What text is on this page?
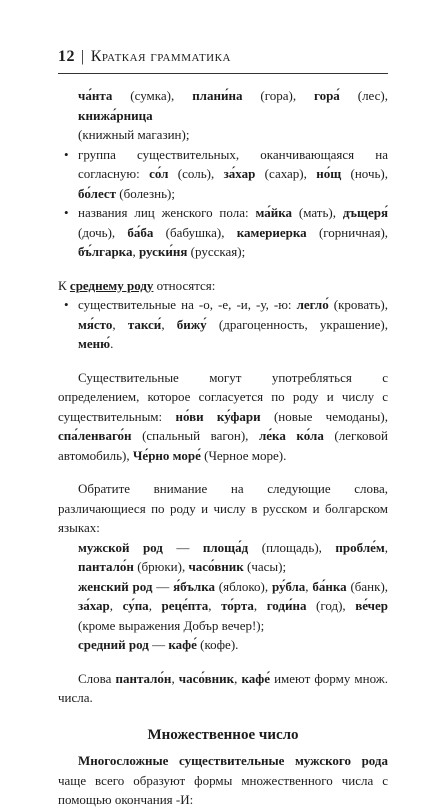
12 | Краткая грамматика
ча́нта (сумка), плани́на (гора), гора́ (лес), книжа́рница
(книжный магазин);
• группа существительных, оканчивающаяся на согласную: со́л (соль), за́хар (сахар), но́щ (ночь), бо́лест (болезнь);
• названия лиц женского пола: ма́йка (мать), дъщеря́ (дочь), ба́ба (бабушка), камериерка (горничная), бъ́лгарка, руски́ня (русская);
К среднему роду относятся:
• существительные на -о, -е, -и, -у, -ю: легло́ (кровать), мя́сто, такси́, бижу́ (драгоценность, украшение), меню́.
Существительные могут употребляться с определением, которое согласуется по роду и числу с существительным: но́ви ку́фари (новые чемоданы), спа́ленваго́н (спальный вагон), ле́ка ко́ла (легковой автомобиль), Че́рно море́ (Черное море).
Обратите внимание на следующие слова, различающиеся по роду и числу в русском и болгарском языках:
мужской род — площа́д (площадь), пробле́м, пантало́н (брюки), часо́вник (часы);
женский род — я́бълка (яблоко), ру́бла, ба́нка (банк), за́хар, су́па, реце́пта, то́рта, годи́на (год), ве́чер (кроме выражения Добър вечер!);
средний род — кафе́ (кофе).
Слова пантало́н, часо́вник, кафе́ имеют форму множ. числа.
Множественное число
Многосложные существительные мужского рода чаще всего образуют формы множественного числа с помощью окончания -И:
